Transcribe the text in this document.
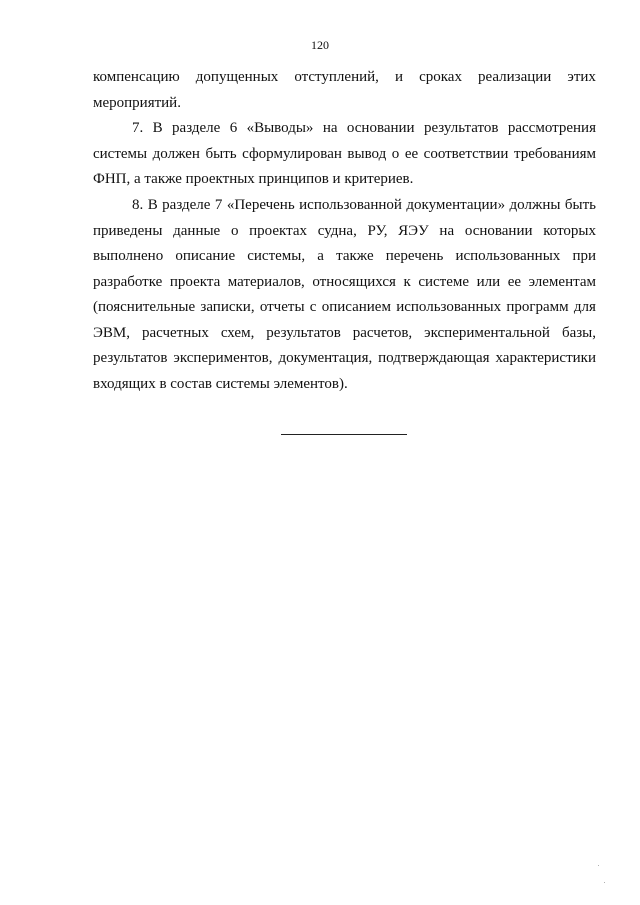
120
компенсацию допущенных отступлений, и сроках реализации этих
мероприятий.
7. В разделе 6 «Выводы» на основании результатов рассмотрения
системы должен быть сформулирован вывод о ее соответствии требованиям
ФНП, а также проектных принципов и критериев.
8. В разделе 7 «Перечень использованной документации» должны быть
приведены данные о проектах судна, РУ, ЯЭУ на основании которых
выполнено описание системы, а также перечень использованных при
разработке проекта материалов, относящихся к системе или ее элементам
(пояснительные записки, отчеты с описанием использованных программ для
ЭВМ, расчетных схем, результатов расчетов, экспериментальной базы,
результатов экспериментов, документация, подтверждающая характеристики
входящих в состав системы элементов).
